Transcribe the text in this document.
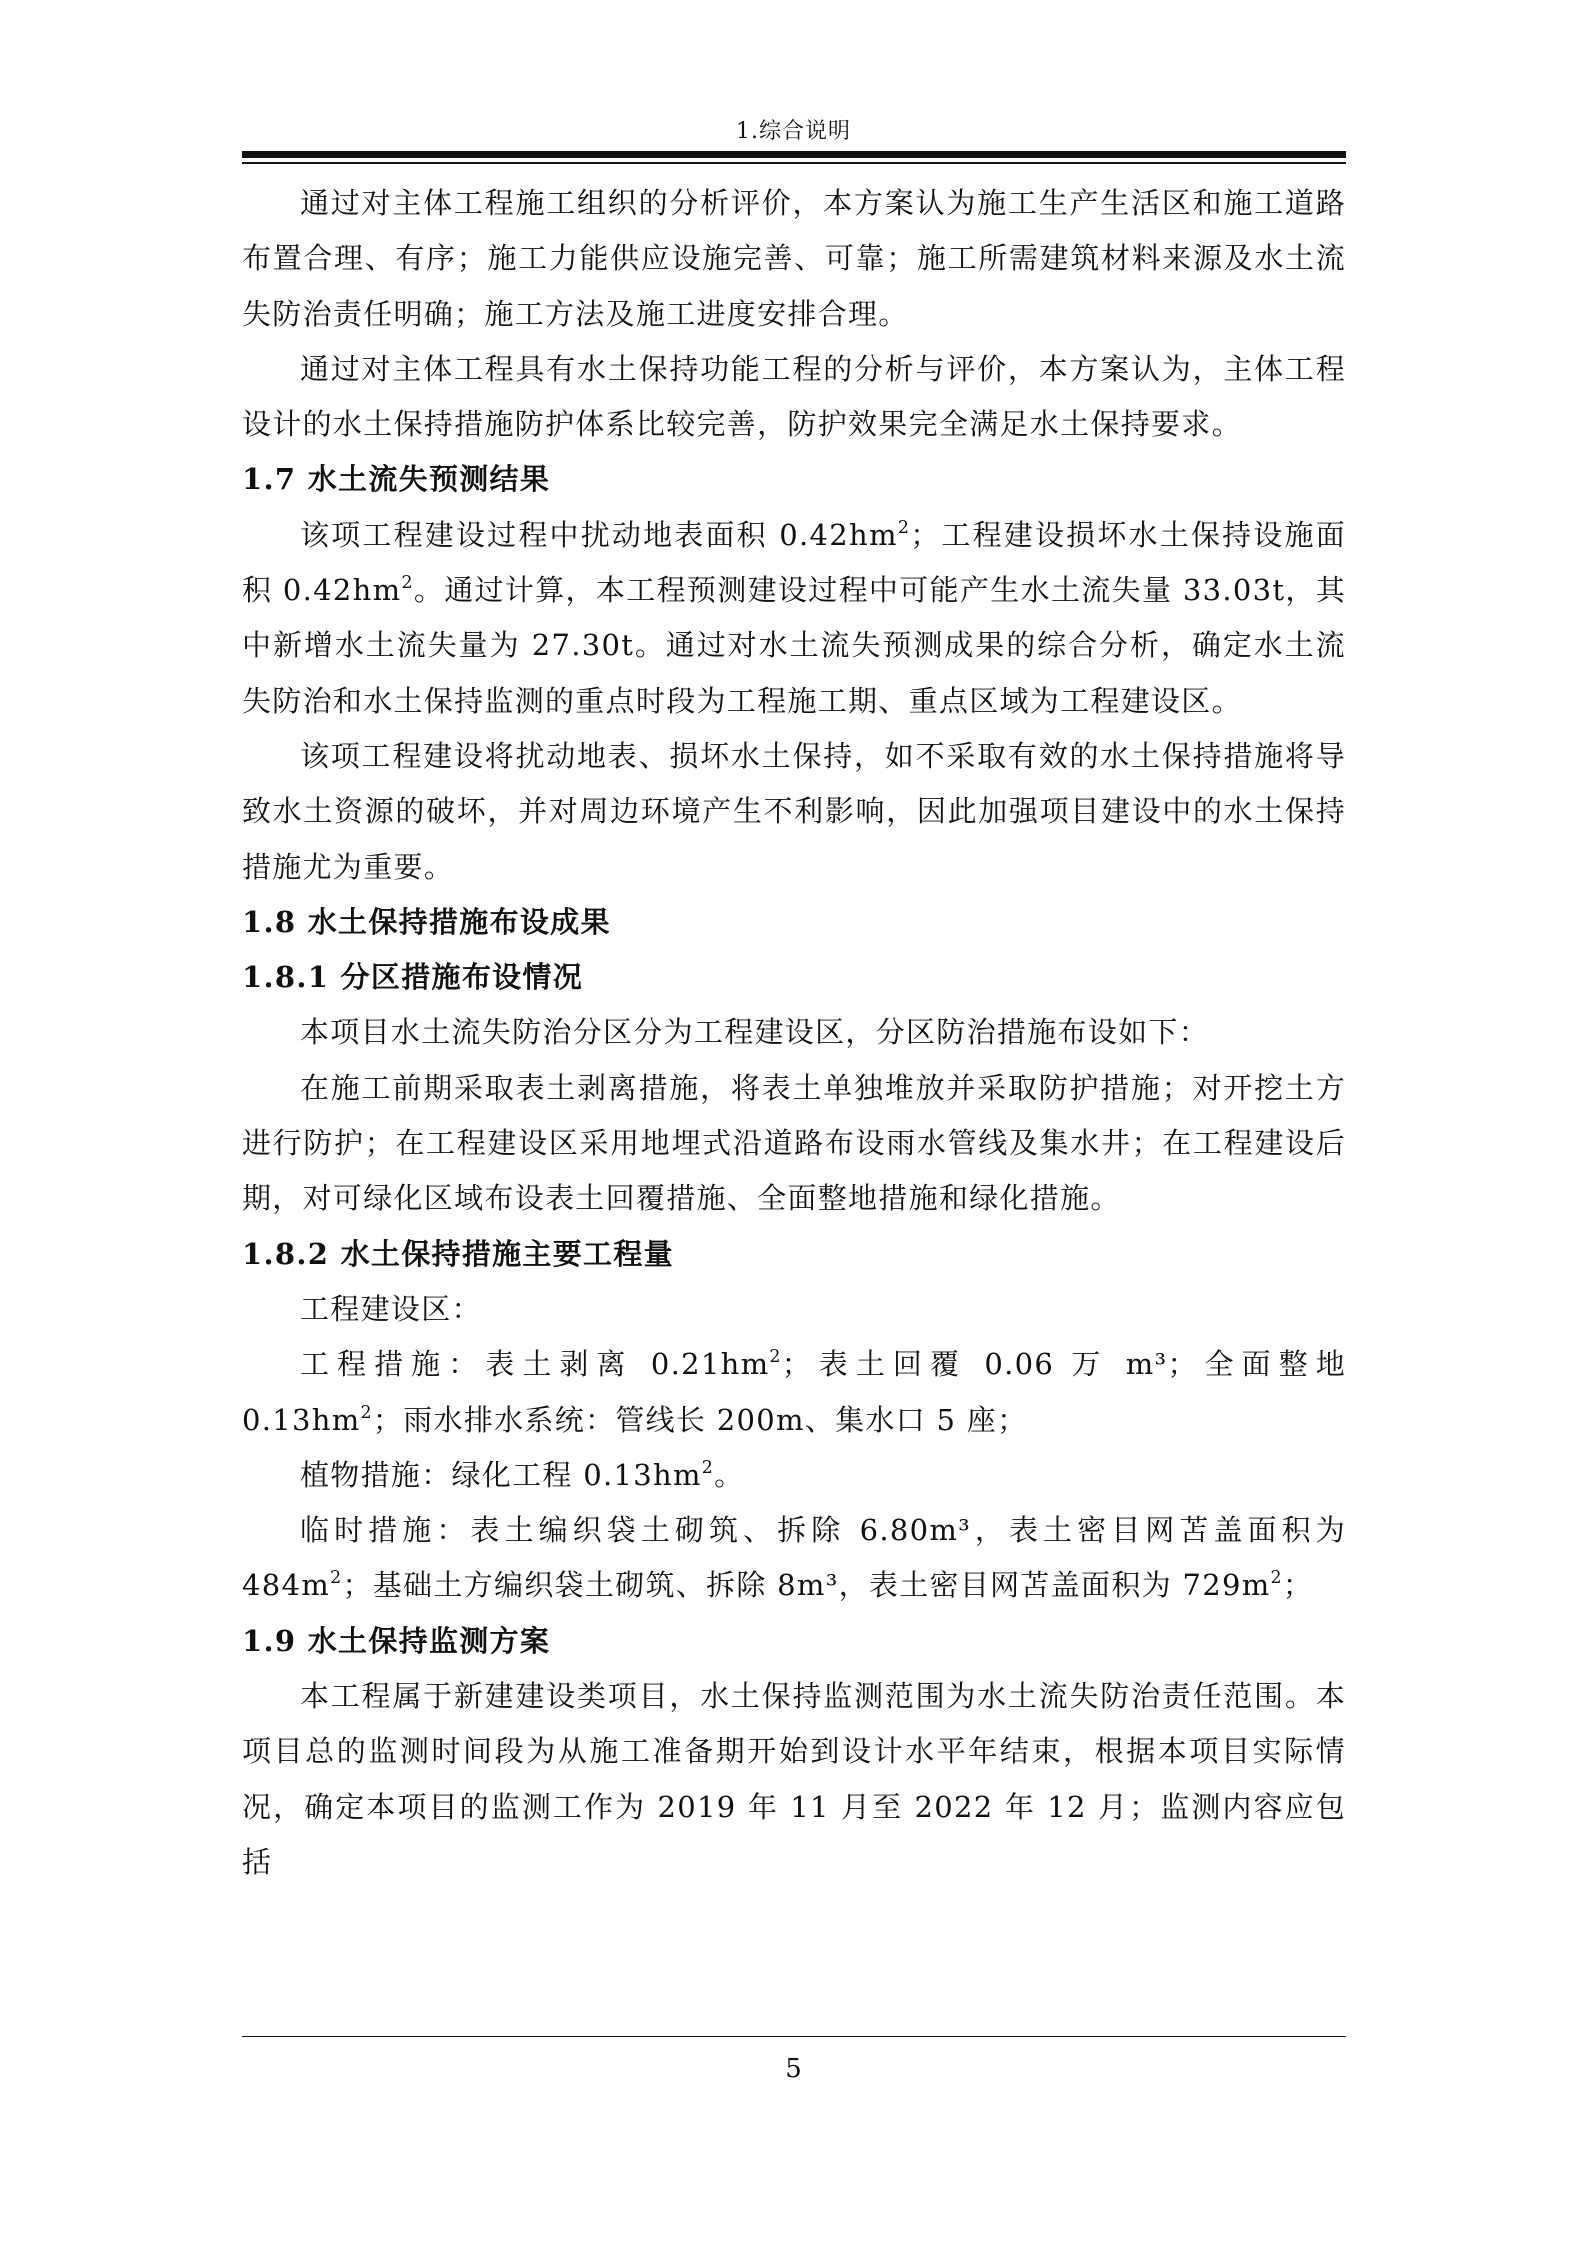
1.综合说明

通过对主体工程施工组织的分析评价，本方案认为施工生产生活区和施工道路布置合理、有序；施工力能供应设施完善、可靠；施工所需建筑材料来源及水土流失防治责任明确；施工方法及施工进度安排合理。

通过对主体工程具有水土保持功能工程的分析与评价，本方案认为，主体工程设计的水土保持措施防护体系比较完善，防护效果完全满足水土保持要求。

1.7 水土流失预测结果

该项工程建设过程中扰动地表面积 $0.42hm^2$；工程建设损坏水土保持设施面积 $0.42hm^2$。通过计算，本工程预测建设过程中可能产生水土流失量 33.03t，其中新增水土流失量为 27.30t。通过对水土流失预测成果的综合分析，确定水土流失防治和水土保持监测的重点时段为工程施工期、重点区域为工程建设区。

该项工程建设将扰动地表、损坏水土保持，如不采取有效的水土保持措施将导致水土资源的破坏，并对周边环境产生不利影响，因此加强项目建设中的水土保持措施尤为重要。

1.8 水土保持措施布设成果

1.8.1 分区措施布设情况

本项目水土流失防治分区分为工程建设区，分区防治措施布设如下：

在施工前期采取表土剥离措施，将表土单独堆放并采取防护措施；对开挖土方进行防护；在工程建设区采用地埋式沿道路布设雨水管线及集水井；在工程建设后期，对可绿化区域布设表土回覆措施、全面整地措施和绿化措施。

1.8.2 水土保持措施主要工程量

工程建设区：

工程措施：表土剥离 $0.21hm^2$；表土回覆 0.06 万 m³；全面整地 $0.13hm^2$；雨水排水系统：管线长 200m、集水口 5 座；

植物措施：绿化工程 $0.13hm^2$。

临时措施：表土编织袋土砌筑、拆除 6.80m³，表土密目网苫盖面积为 $484m^2$；基础土方编织袋土砌筑、拆除 8m³，表土密目网苫盖面积为 $729m^2$；

1.9 水土保持监测方案

本工程属于新建建设类项目，水土保持监测范围为水土流失防治责任范围。本项目总的监测时间段为从施工准备期开始到设计水平年结束，根据本项目实际情况，确定本项目的监测工作为 2019 年 11 月至 2022 年 12 月；监测内容应包括

5
